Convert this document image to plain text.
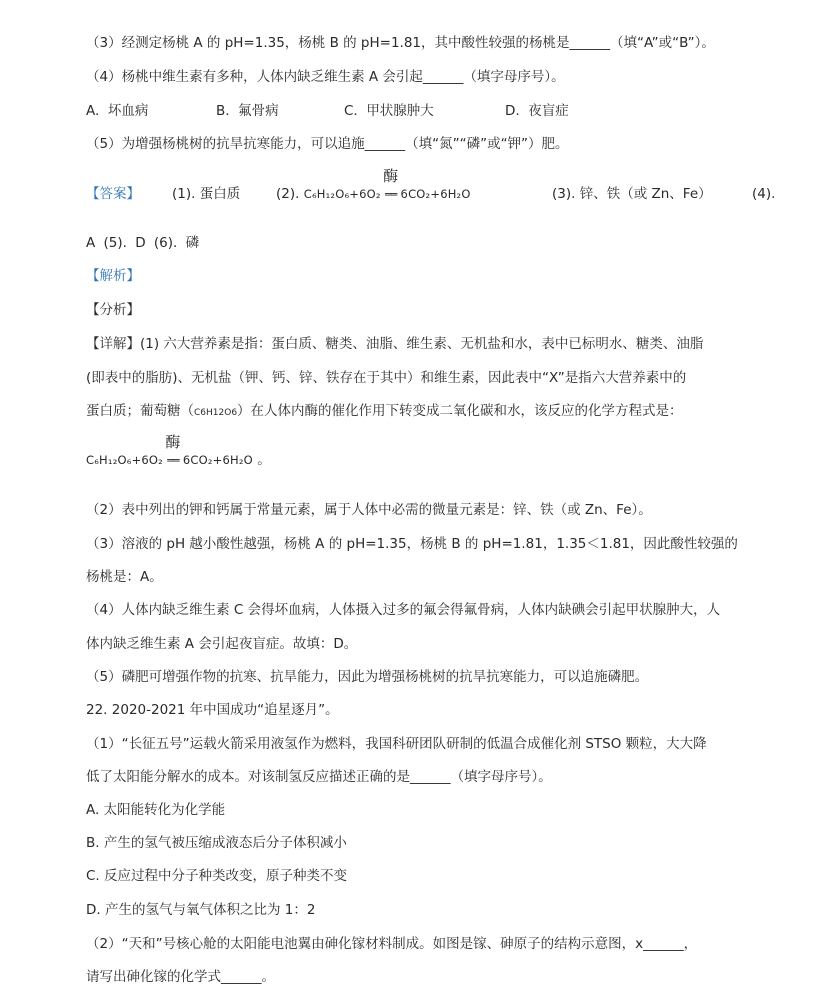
（3）经测定杨桃 A 的 pH=1.35，杨桃 B 的 pH=1.81，其中酸性较强的杨桃是______（填“A”或“B”）。
（4）杨桃中维生素有多种，人体内缺乏维生素 A 会引起______（填字母序号）。
A. 坏血病	B. 氟骨病	C. 甲状腺肿大	D. 夜盲症
（5）为增强杨桃树的抗旱抗寒能力，可以追施______（填“氮”“磷”或“钾”）肥。
【答案】 (1). 蛋白质	(2). C₆H₁₂O₆+6O₂
酶
══ 6CO₂+6H₂O	(3). 锌、铁（或 Zn、Fe）	(4).
A (5). D (6). 磷
【解析】
【分析】
【详解】(1) 六大营养素是指：蛋白质、糖类、油脂、维生素、无机盐和水，表中已标明水、糖类、油脂
(即表中的脂肪)、无机盐（钾、钙、锌、铁存在于其中）和维生素，因此表中“X”是指六大营养素中的
蛋白质；葡萄糖（C6H12O6）在人体内酶的催化作用下转变成二氧化碳和水，该反应的化学方程式是：
C₆H₁₂O₆+6O₂
酶
══ 6CO₂+6H₂O 。
（2）表中列出的钾和钙属于常量元素，属于人体中必需的微量元素是：锌、铁（或 Zn、Fe）。
（3）溶液的 pH 越小酸性越强，杨桃 A 的 pH=1.35，杨桃 B 的 pH=1.81，1.35＜1.81，因此酸性较强的
杨桃是：A。
（4）人体内缺乏维生素 C 会得坏血病，人体摄入过多的氟会得氟骨病，人体内缺碘会引起甲状腺肿大，人
体内缺乏维生素 A 会引起夜盲症。故填：D。
（5）磷肥可增强作物的抗寒、抗旱能力，因此为增强杨桃树的抗旱抗寒能力，可以追施磷肥。
22. 2020-2021 年中国成功“追星逐月”。
（1）“长征五号”运载火箭采用液氢作为燃料，我国科研团队研制的低温合成催化剂 STSO 颗粒，大大降
低了太阳能分解水的成本。对该制氢反应描述正确的是______（填字母序号）。
A. 太阳能转化为化学能
B. 产生的氢气被压缩成液态后分子体积减小
C. 反应过程中分子种类改变，原子种类不变
D. 产生的氢气与氧气体积之比为 1：2
（2）“天和”号核心舱的太阳能电池翼由砷化镓材料制成。如图是镓、砷原子的结构示意图，x______，
请写出砷化镓的化学式______。
